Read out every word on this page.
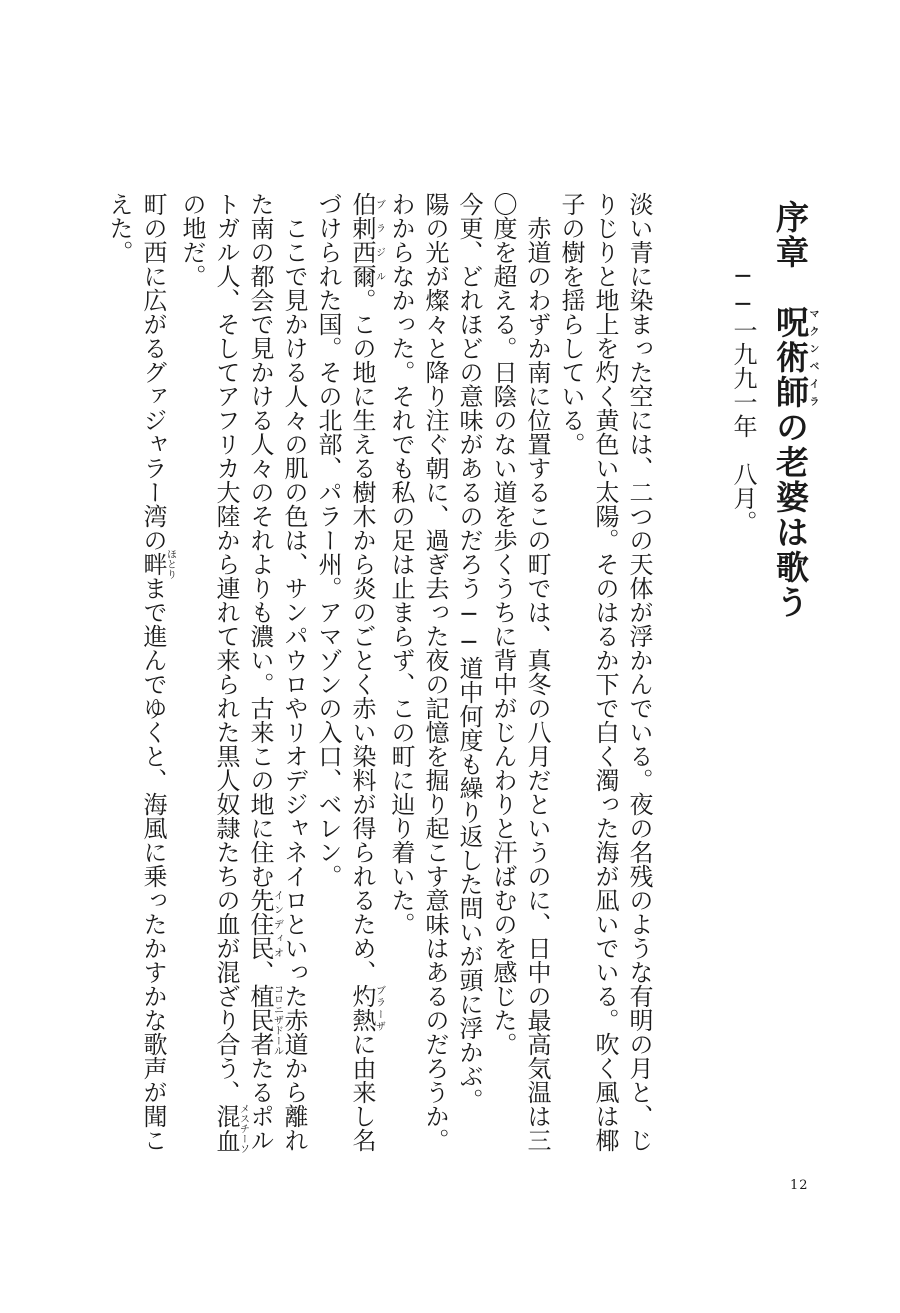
序章　呪術師マクンベイラの老婆は歌う

──一九九一年　八月。

淡い青に染まった空には、二つの天体が浮かんでいる。夜の名残のような有明の月と、じりじりと地上を灼く黄色い太陽。そのはるか下で白く濁った海が凪いでいる。吹く風は椰子の樹を揺らしている。

赤道のわずか南に位置するこの町では、真冬の八月だというのに、日中の最高気温は三〇度を超える。日陰のない道を歩くうちに背中がじんわりと汗ばむのを感じた。

今更、どれほどの意味があるのだろう──道中何度も繰り返した問いが頭に浮かぶ。

陽の光が燦々と降り注ぐ朝に、過ぎ去った夜の記憶を掘り起こす意味はあるのだろうか。わからなかった。それでも私の足は止まらず、この町に辿り着いた。

伯剌西爾ブラジル。この地に生える樹木から炎のごとく赤い染料が得られるため、灼熱ブラーザに由来し名づけられた国。その北部、パラー州。アマゾンの入口、ベレン。

ここで見かける人々の肌の色は、サンパウロやリオデジャネイロといった赤道から離れた南の都会で見かける人々のそれよりも濃い。古来この地に住む先住民インディオ、植民者コロニザドールたるポルトガル人、そしてアフリカ大陸から連れて来られた黒人奴隷たちの血が混ざり合う、混血メスチーソの地だ。

町の西に広がるグァジャラー湾の畔ほとりまで進んでゆくと、海風に乗ったかすかな歌声が聞こえた。

12
